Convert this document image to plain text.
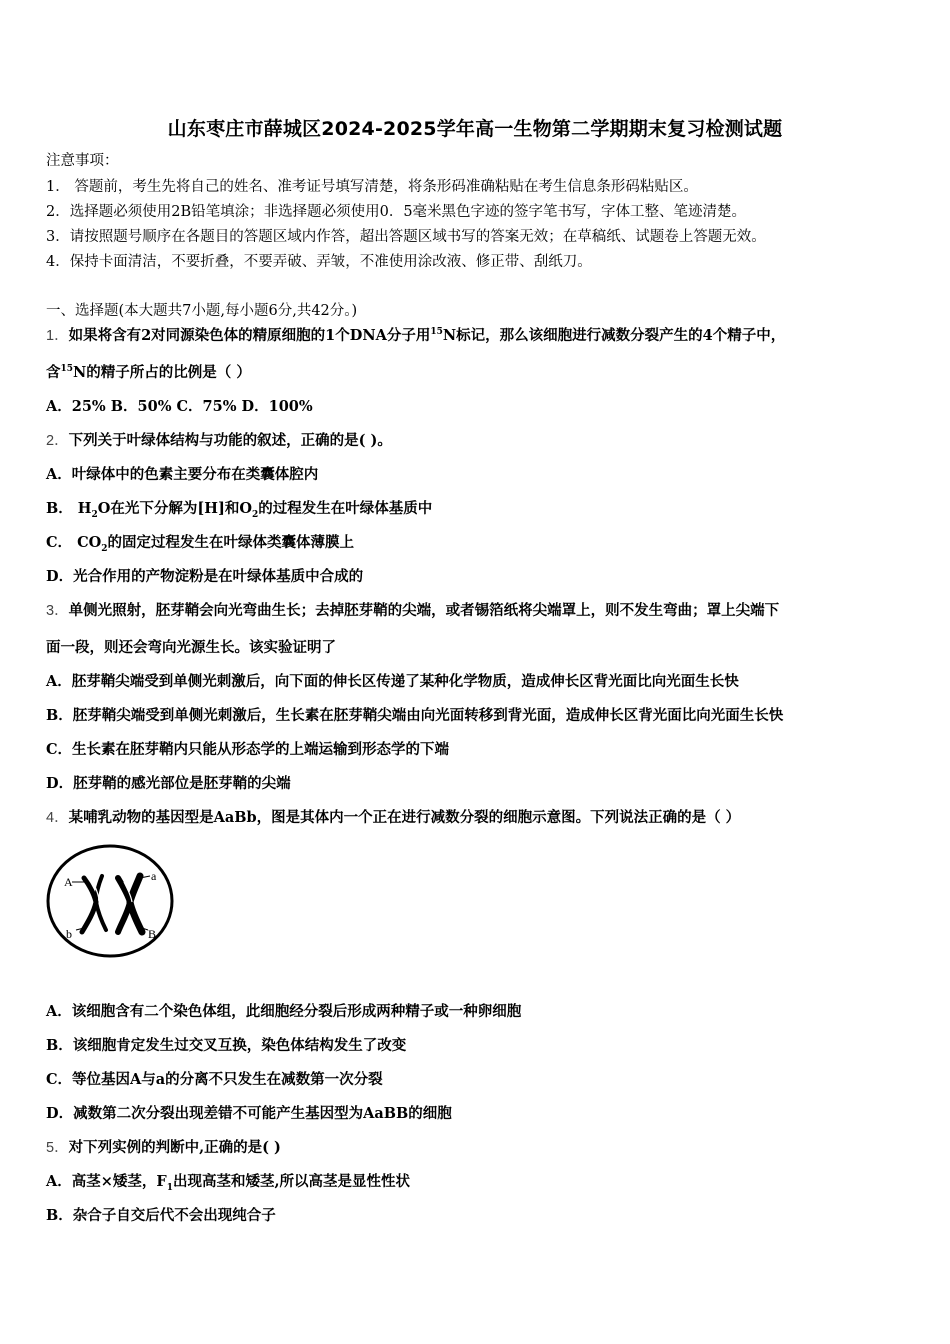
山东枣庄市薛城区2024-2025学年高一生物第二学期期末复习检测试题
注意事项：
1． 答题前，考生先将自己的姓名、准考证号填写清楚，将条形码准确粘贴在考生信息条形码粘贴区。
2．选择题必须使用2B铅笔填涂；非选择题必须使用0．5毫米黑色字迹的签字笔书写，字体工整、笔迹清楚。
3．请按照题号顺序在各题目的答题区域内作答，超出答题区域书写的答案无效；在草稿纸、试题卷上答题无效。
4．保持卡面清洁，不要折叠，不要弄破、弄皱，不准使用涂改液、修正带、刮纸刀。
一、选择题(本大题共7小题,每小题6分,共42分。)
1．如果将含有2对同源染色体的精原细胞的1个DNA分子用$^{15}$N标记，那么该细胞进行减数分裂产生的4个精子中，
含$^{15}$N的精子所占的比例是（ ）
A．25% B．50% C．75% D．100%
2．下列关于叶绿体结构与功能的叙述，正确的是( )。
A．叶绿体中的色素主要分布在类囊体腔内
B． $H_2O$在光下分解为[H]和$O_2$的过程发生在叶绿体基质中
C． $CO_2$的固定过程发生在叶绿体类囊体薄膜上
D．光合作用的产物淀粉是在叶绿体基质中合成的
3．单侧光照射，胚芽鞘会向光弯曲生长；去掉胚芽鞘的尖端，或者锡箔纸将尖端罩上，则不发生弯曲；罩上尖端下
面一段，则还会弯向光源生长。该实验证明了
A．胚芽鞘尖端受到单侧光刺激后，向下面的伸长区传递了某种化学物质，造成伸长区背光面比向光面生长快
B．胚芽鞘尖端受到单侧光刺激后，生长素在胚芽鞘尖端由向光面转移到背光面，造成伸长区背光面比向光面生长快
C．生长素在胚芽鞘内只能从形态学的上端运输到形态学的下端
D．胚芽鞘的感光部位是胚芽鞘的尖端
4．某哺乳动物的基因型是AaBb，图是其体内一个正在进行减数分裂的细胞示意图。下列说法正确的是（ ）
A	a
b	B
A．该细胞含有二个染色体组，此细胞经分裂后形成两种精子或一种卵细胞
B．该细胞肯定发生过交叉互换，染色体结构发生了改变
C．等位基因A与a的分离不只发生在减数第一次分裂
D．减数第二次分裂出现差错不可能产生基因型为AaBB的细胞
5．对下列实例的判断中,正确的是( )
A．高茎×矮茎，$F_1$出现高茎和矮茎,所以高茎是显性性状
B．杂合子自交后代不会出现纯合子
